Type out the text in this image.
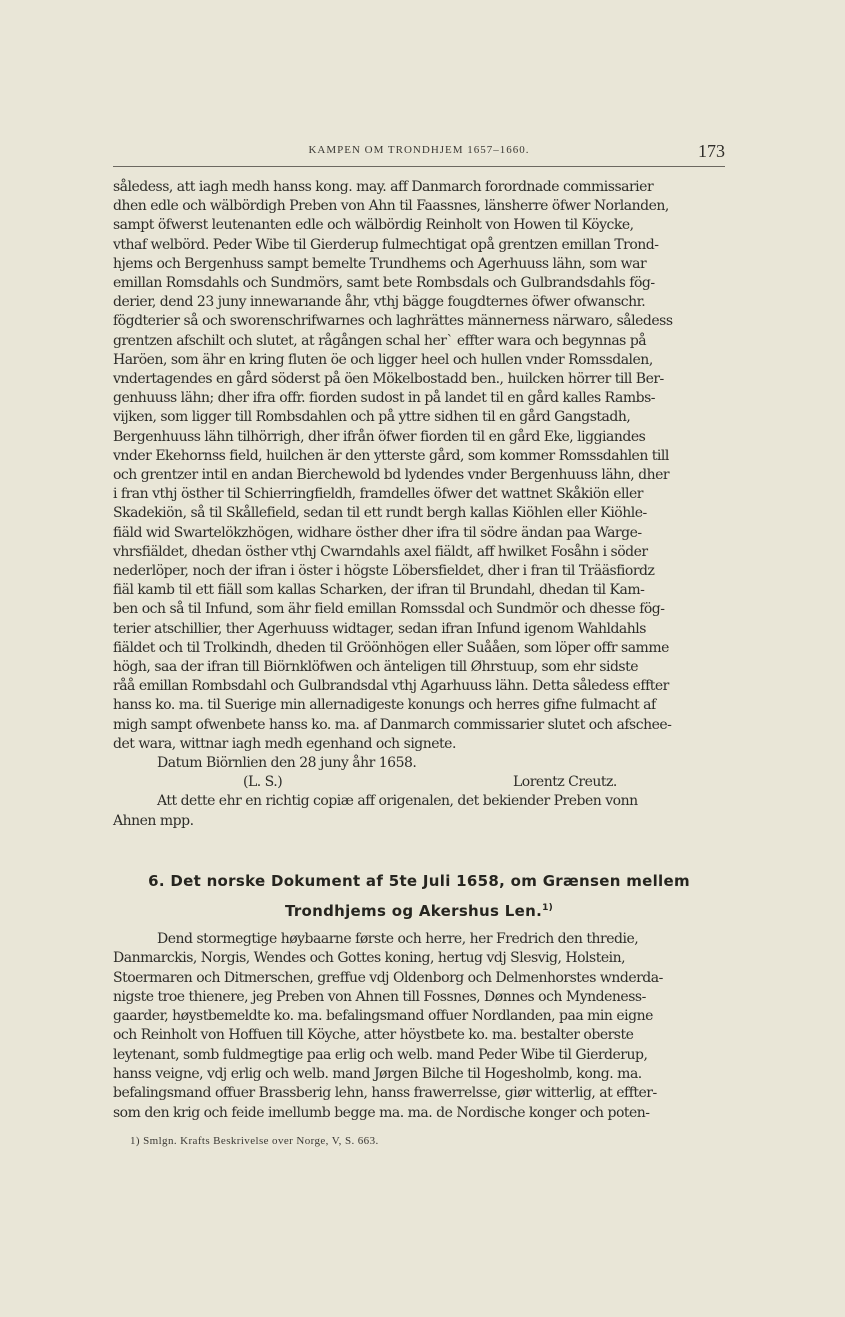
KAMPEN OM TRONDHJEM 1657–1660.	173

såledess, att iagh medh hanss kong. may. aff Danmarch forordnade commissarier
dhen edle och wälbördigh Preben von Ahn til Faassnes, länsherre öfwer Norlanden,
sampt öfwerst leutenanten edle och wälbördig Reinholt von Howen til Köycke,
vthaf welbörd. Peder Wibe til Gierderup fulmechtigat opå grentzen emillan Trond-
hjems och Bergenhuss sampt bemelte Trundhems och Agerhuuss lähn, som war
emillan Romsdahls och Sundmörs, samt bete Rombsdals och Gulbrandsdahls fög-
derier, dend 23 juny innewarıande åhr, vthj bägge fougdternes öfwer ofwanschr.
fögdterier så och sworenschrifwarnes och laghrättes männerness närwaro, såledess
grentzen afschilt och slutet, at rågången schal her` effter wara och begynnas på
Haröen, som ähr en kring fluten öe och ligger heel och hullen vnder Romssdalen,
vndertagendes en gård söderst på öen Mökelbostadd ben., huilcken hörrer till Ber-
genhuuss lähn; dher ifra offr. fiorden sudost in på landet til en gård kalles Rambs-
vijken, som ligger till Rombsdahlen och på yttre sidhen til en gård Gangstadh,
Bergenhuuss lähn tilhörrigh, dher ifrån öfwer fiorden til en gård Eke, liggiandes
vnder Ekehornss field, huilchen är den ytterste gård, som kommer Romssdahlen till
och grentzer intil en andan Bierchewold bd lydendes vnder Bergenhuuss lähn, dher
i fran vthj östher til Schierringfieldh, framdelles öfwer det wattnet Skåkiön eller
Skadekiön, så til Skållefield, sedan til ett rundt bergh kallas Kiöhlen eller Kiöhle-
fiäld wid Swartelökzhögen, widhare östher dher ifra til södre ändan paa Warge-
vhrsfiäldet, dhedan östher vthj Cwarndahls axel fiäldt, aff hwilket Fosåhn i söder
nederlöper, noch der ifran i öster i högste Löbersfieldet, dher i fran til Trääsfiordz
fiäl kamb til ett fiäll som kallas Scharken, der ifran til Brundahl, dhedan til Kam-
ben och så til Infund, som ähr field emillan Romssdal och Sundmör och dhesse fög-
terier atschillier, ther Agerhuuss widtager, sedan ifran Infund igenom Wahldahls
fiäldet och til Trolkindh, dheden til Gröönhögen eller Suååen, som löper offr samme
högh, saa der ifran till Biörnklöfwen och änteligen till Øhrstuup, som ehr sidste
råå emillan Rombsdahl och Gulbrandsdal vthj Agarhuuss lähn. Detta såledess effter
hanss ko. ma. til Suerige min allernadigeste konungs och herres gifne fulmacht af
migh sampt ofwenbete hanss ko. ma. af Danmarch commissarier slutet och afschee-
det wara, wittnar iagh medh egenhand och signete.

Datum Biörnlien den 28 juny åhr 1658.

(L. S.)	Lorentz Creutz.

Att dette ehr en richtig copiæ aff origenalen, det bekiender Preben vonn
Ahnen mpp.

6. Det norske Dokument af 5te Juli 1658, om Grænsen mellem
Trondhjems og Akershus Len.$^{1)}$
Dend stormegtige høybaarne første och herre, her Fredrich den thredie,
Danmarckis, Norgis, Wendes och Gottes koning, hertug vdj Slesvig, Holstein,
Stoermaren och Ditmerschen, greffue vdj Oldenborg och Delmenhorstes wnderda-
nigste troe thienere, jeg Preben von Ahnen till Fossnes, Dønnes och Myndeness-
gaarder, høystbemeldte ko. ma. befalingsmand offuer Nordlanden, paa min eigne
och Reinholt von Hoffuen till Köyche, atter höystbete ko. ma. bestalter oberste
leytenant, somb fuldmegtige paa erlig och welb. mand Peder Wibe til Gierderup,
hanss veigne, vdj erlig och welb. mand Jørgen Bilche til Hogesholmb, kong. ma.
befalingsmand offuer Brassberig lehn, hanss frawerrelsse, giør witterlig, at effter-
som den krig och feide imellumb begge ma. ma. de Nordische konger och poten-
1) Smlgn. Krafts Beskrivelse over Norge, V, S. 663.
